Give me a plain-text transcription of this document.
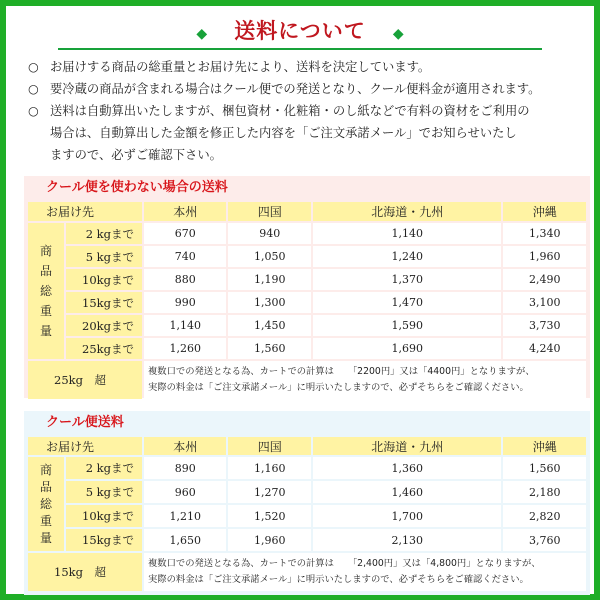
◆ 送料について ◆
○ お届けする商品の総重量とお届け先により、送料を決定しています。
○ 要冷蔵の商品が含まれる場合はクール便での発送となり、クール便料金が適用されます。
○ 送料は自動算出いたしますが、梱包資材・化粧箱・のし紙などで有料の資材をご利用の
場合は、自動算出した金額を修正した内容を「ご注文承諾メール」でお知らせいたし
ますので、必ずご確認下さい。
クール便を使わない場合の送料
お届け先		本州	四国	北海道・九州	沖縄

商
品
総
重
量	2 kgまで	670	940	1,140	1,340
	5 kgまで	740	1,050	1,240	1,960
	10kgまで	880	1,190	1,370	2,490
	15kgまで	990	1,300	1,470	3,100
	20kgまで	1,140	1,450	1,590	3,730
	25kgまで	1,260	1,560	1,690	4,240
25kg　超		複数口での発送となる為、カートでの計算は　　「2200円」又は「4400円」となりますが、
実際の料金は「ご注文承諾メール」に明示いたしますので、必ずそちらをご確認ください。			
クール便送料
お届け先		本州	四国	北海道・九州	沖縄

商
品
総
重
量	2 kgまで	890	1,160	1,360	1,560
	5 kgまで	960	1,270	1,460	2,180
	10kgまで	1,210	1,520	1,700	2,820
	15kgまで	1,650	1,960	2,130	3,760
15kg　超		複数口での発送となる為、カートでの計算は　　「2,400円」又は「4,800円」となりますが、
実際の料金は「ご注文承諾メール」に明示いたしますので、必ずそちらをご確認ください。			
